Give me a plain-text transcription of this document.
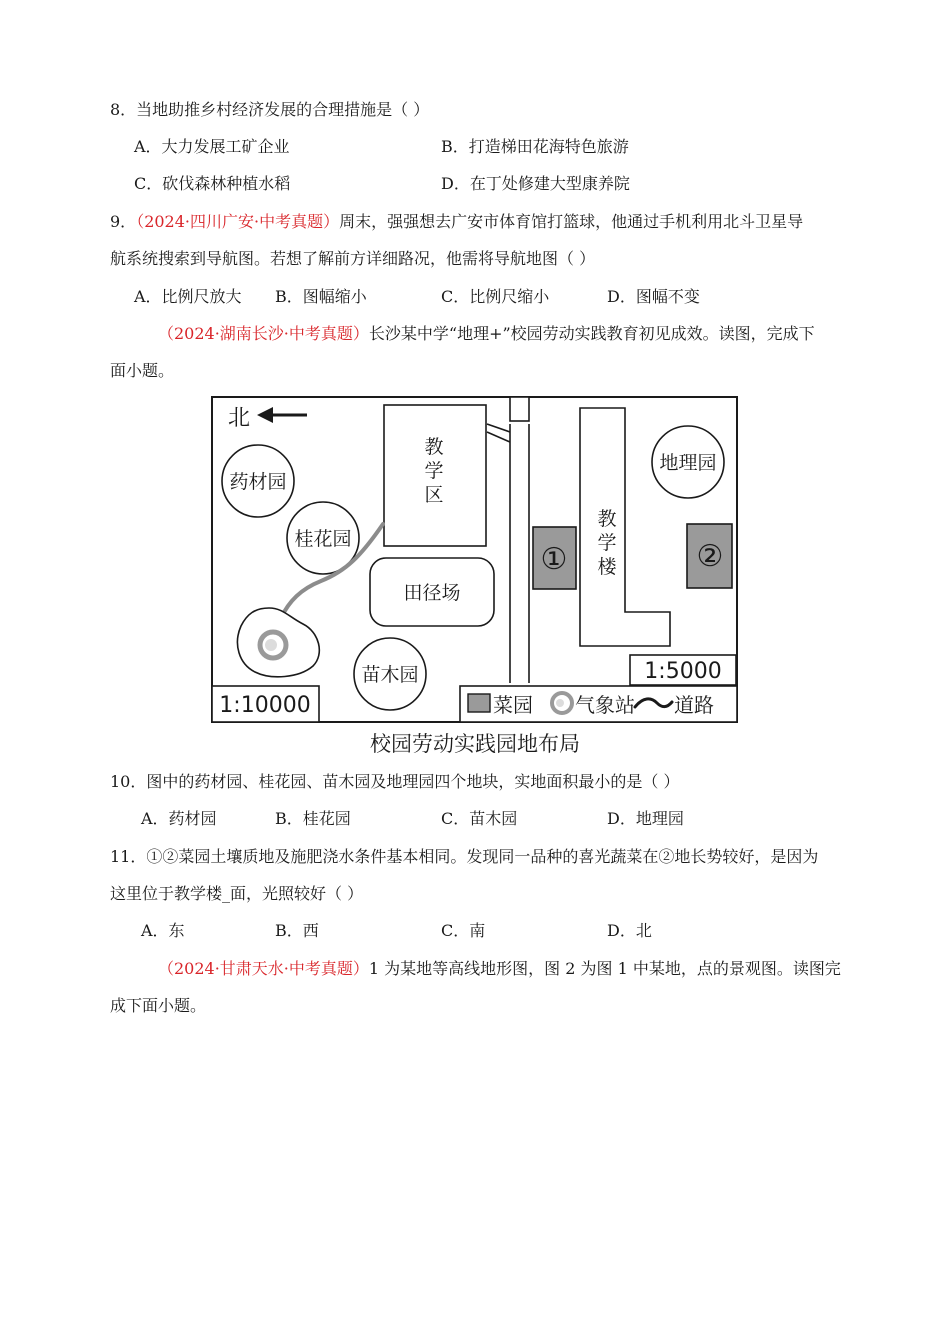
8．当地助推乡村经济发展的合理措施是（ ）
A．大力发展工矿企业	B．打造梯田花海特色旅游
C．砍伐森林种植水稻	D．在丁处修建大型康养院
9．（2024·四川广安·中考真题）周末，强强想去广安市体育馆打篮球，他通过手机利用北斗卫星导
航系统搜索到导航图。若想了解前方详细路况，他需将导航地图（ ）
A．比例尺放大 B．图幅缩小	C．比例尺缩小	D．图幅不变
（2024·湖南长沙·中考真题）长沙某中学“地理+”校园劳动实践教育初见成效。读图，完成下
面小题。
北
药材园
桂花园
教
学
区
田径场
苗木园
①
教
学
楼
地理园
②
1:5000
1:10000	菜园 气象站 道路
校园劳动实践园地布局
10．图中的药材园、桂花园、苗木园及地理园四个地块，实地面积最小的是（ ）
A．药材园	B．桂花园	C．苗木园	D．地理园
11．①②菜园土壤质地及施肥浇水条件基本相同。发现同一品种的喜光蔬菜在②地长势较好，是因为
这里位于教学楼_面，光照较好（ ）
A．东	B．西	C．南	D．北
（2024·甘肃天水·中考真题）1 为某地等高线地形图，图 2 为图 1 中某地，点的景观图。读图完
成下面小题。
